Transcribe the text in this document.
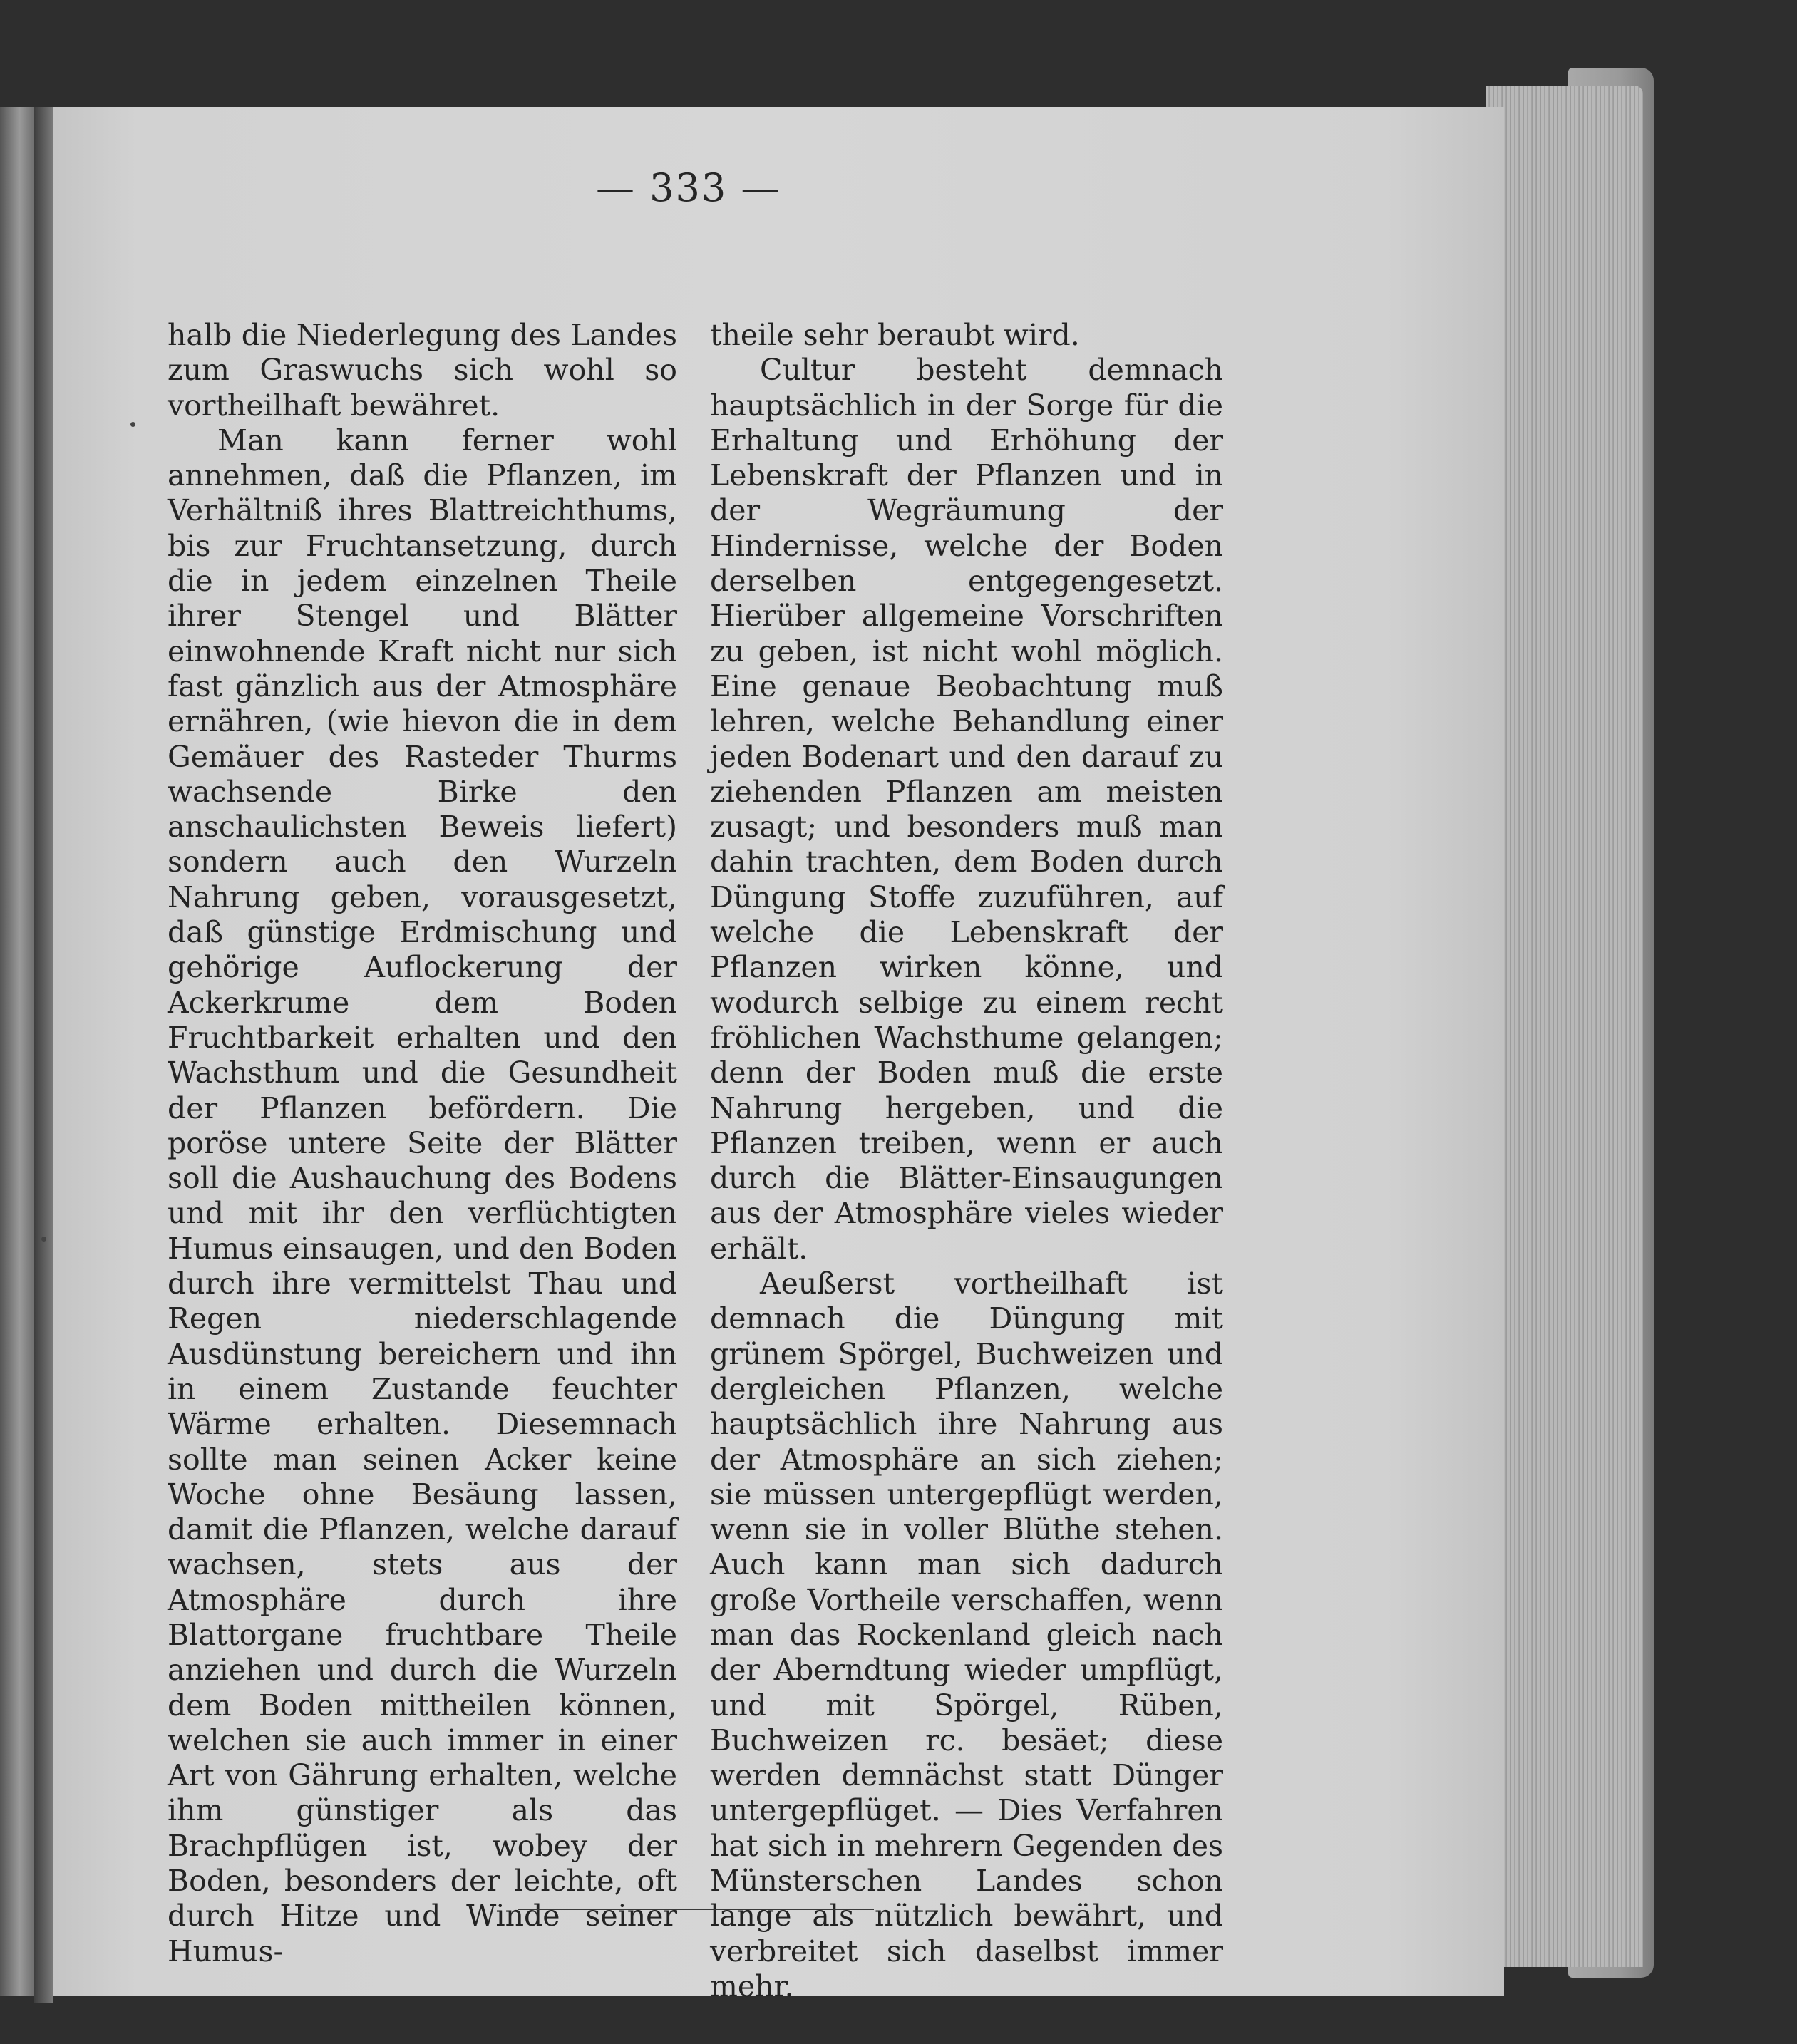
— 333 —

halb die Niederlegung des Landes zum Graswuchs sich wohl so vortheilhaft bewähret.

Man kann ferner wohl annehmen, daß die Pflanzen, im Verhältniß ihres Blattreichthums, bis zur Fruchtansetzung, durch die in jedem einzelnen Theile ihrer Stengel und Blätter einwohnende Kraft nicht nur sich fast gänzlich aus der Atmosphäre ernähren, (wie hievon die in dem Gemäuer des Rasteder Thurms wachsende Birke den anschaulichsten Beweis liefert) sondern auch den Wurzeln Nahrung geben, vorausgesetzt, daß günstige Erdmischung und gehörige Auflockerung der Ackerkrume dem Boden Fruchtbarkeit erhalten und den Wachsthum und die Gesundheit der Pflanzen befördern. Die poröse untere Seite der Blätter soll die Aushauchung des Bodens und mit ihr den verflüchtigten Humus einsaugen, und den Boden durch ihre vermittelst Thau und Regen niederschlagende Ausdünstung bereichern und ihn in einem Zustande feuchter Wärme erhalten. Diesemnach sollte man seinen Acker keine Woche ohne Besäung lassen, damit die Pflanzen, welche darauf wachsen, stets aus der Atmosphäre durch ihre Blattorgane fruchtbare Theile anziehen und durch die Wurzeln dem Boden mittheilen können, welchen sie auch immer in einer Art von Gährung erhalten, welche ihm günstiger als das Brachpflügen ist, wobey der Boden, besonders der leichte, oft durch Hitze und Winde seiner Humus-

theile sehr beraubt wird.

Cultur besteht demnach hauptsächlich in der Sorge für die Erhaltung und Erhöhung der Lebenskraft der Pflanzen und in der Wegräumung der Hindernisse, welche der Boden derselben entgegengesetzt. Hierüber allgemeine Vorschriften zu geben, ist nicht wohl möglich. Eine genaue Beobachtung muß lehren, welche Behandlung einer jeden Bodenart und den darauf zu ziehenden Pflanzen am meisten zusagt; und besonders muß man dahin trachten, dem Boden durch Düngung Stoffe zuzuführen, auf welche die Lebenskraft der Pflanzen wirken könne, und wodurch selbige zu einem recht fröhlichen Wachsthume gelangen; denn der Boden muß die erste Nahrung hergeben, und die Pflanzen treiben, wenn er auch durch die Blätter-Einsaugungen aus der Atmosphäre vieles wieder erhält.

Aeußerst vortheilhaft ist demnach die Düngung mit grünem Spörgel, Buchweizen und dergleichen Pflanzen, welche hauptsächlich ihre Nahrung aus der Atmosphäre an sich ziehen; sie müssen untergepflügt werden, wenn sie in voller Blüthe stehen. Auch kann man sich dadurch große Vortheile verschaffen, wenn man das Rockenland gleich nach der Aberndtung wieder umpflügt, und mit Spörgel, Rüben, Buchweizen rc. besäet; diese werden demnächst statt Dünger untergepflüget. — Dies Verfahren hat sich in mehrern Gegenden des Münsterschen Landes schon lange als nützlich bewährt, und verbreitet sich daselbst immer mehr.
